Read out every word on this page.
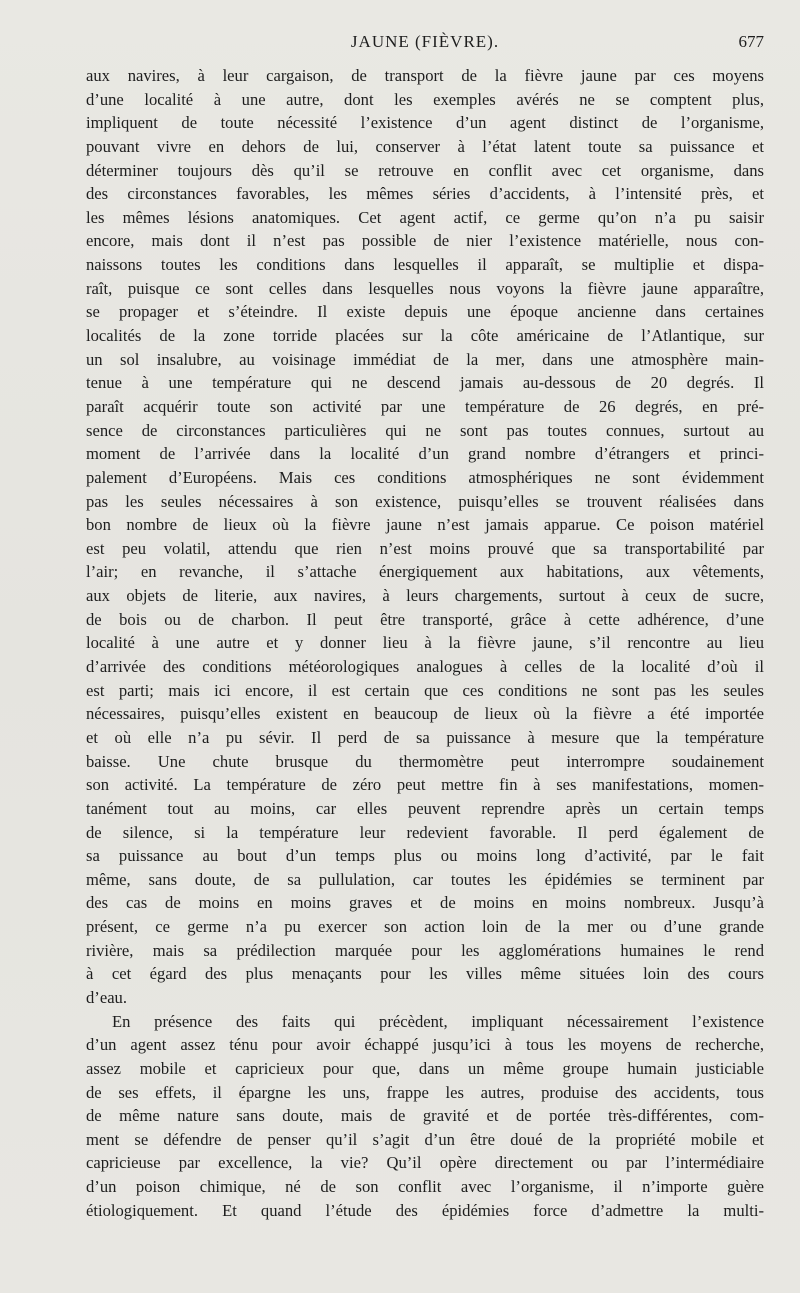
JAUNE (FIÈVRE).	677
aux navires, à leur cargaison, de transport de la fièvre jaune par ces moyens
d’une localité à une autre, dont les exemples avérés ne se comptent plus,
impliquent de toute nécessité l’existence d’un agent distinct de l’organisme,
pouvant vivre en dehors de lui, conserver à l’état latent toute sa puissance et
déterminer toujours dès qu’il se retrouve en conflit avec cet organisme, dans
des circonstances favorables, les mêmes séries d’accidents, à l’intensité près, et
les mêmes lésions anatomiques. Cet agent actif, ce germe qu’on n’a pu saisir
encore, mais dont il n’est pas possible de nier l’existence matérielle, nous con-
naissons toutes les conditions dans lesquelles il apparaît, se multiplie et dispa-
raît, puisque ce sont celles dans lesquelles nous voyons la fièvre jaune apparaître,
se propager et s’éteindre. Il existe depuis une époque ancienne dans certaines
localités de la zone torride placées sur la côte américaine de l’Atlantique, sur
un sol insalubre, au voisinage immédiat de la mer, dans une atmosphère main-
tenue à une température qui ne descend jamais au-dessous de 20 degrés. Il
paraît acquérir toute son activité par une température de 26 degrés, en pré-
sence de circonstances particulières qui ne sont pas toutes connues, surtout au
moment de l’arrivée dans la localité d’un grand nombre d’étrangers et princi-
palement d’Européens. Mais ces conditions atmosphériques ne sont évidemment
pas les seules nécessaires à son existence, puisqu’elles se trouvent réalisées dans
bon nombre de lieux où la fièvre jaune n’est jamais apparue. Ce poison matériel
est peu volatil, attendu que rien n’est moins prouvé que sa transportabilité par
l’air; en revanche, il s’attache énergiquement aux habitations, aux vêtements,
aux objets de literie, aux navires, à leurs chargements, surtout à ceux de sucre,
de bois ou de charbon. Il peut être transporté, grâce à cette adhérence, d’une
localité à une autre et y donner lieu à la fièvre jaune, s’il rencontre au lieu
d’arrivée des conditions météorologiques analogues à celles de la localité d’où il
est parti; mais ici encore, il est certain que ces conditions ne sont pas les seules
nécessaires, puisqu’elles existent en beaucoup de lieux où la fièvre a été importée
et où elle n’a pu sévir. Il perd de sa puissance à mesure que la température
baisse. Une chute brusque du thermomètre peut interrompre soudainement
son activité. La température de zéro peut mettre fin à ses manifestations, momen-
tanément tout au moins, car elles peuvent reprendre après un certain temps
de silence, si la température leur redevient favorable. Il perd également de
sa puissance au bout d’un temps plus ou moins long d’activité, par le fait
même, sans doute, de sa pullulation, car toutes les épidémies se terminent par
des cas de moins en moins graves et de moins en moins nombreux. Jusqu’à
présent, ce germe n’a pu exercer son action loin de la mer ou d’une grande
rivière, mais sa prédilection marquée pour les agglomérations humaines le rend
à cet égard des plus menaçants pour les villes même situées loin des cours
d’eau.
En présence des faits qui précèdent, impliquant nécessairement l’existence
d’un agent assez ténu pour avoir échappé jusqu’ici à tous les moyens de recherche,
assez mobile et capricieux pour que, dans un même groupe humain justiciable
de ses effets, il épargne les uns, frappe les autres, produise des accidents, tous
de même nature sans doute, mais de gravité et de portée très-différentes, com-
ment se défendre de penser qu’il s’agit d’un être doué de la propriété mobile et
capricieuse par excellence, la vie? Qu’il opère directement ou par l’intermédiaire
d’un poison chimique, né de son conflit avec l’organisme, il n’importe guère
étiologiquement. Et quand l’étude des épidémies force d’admettre la multi-
